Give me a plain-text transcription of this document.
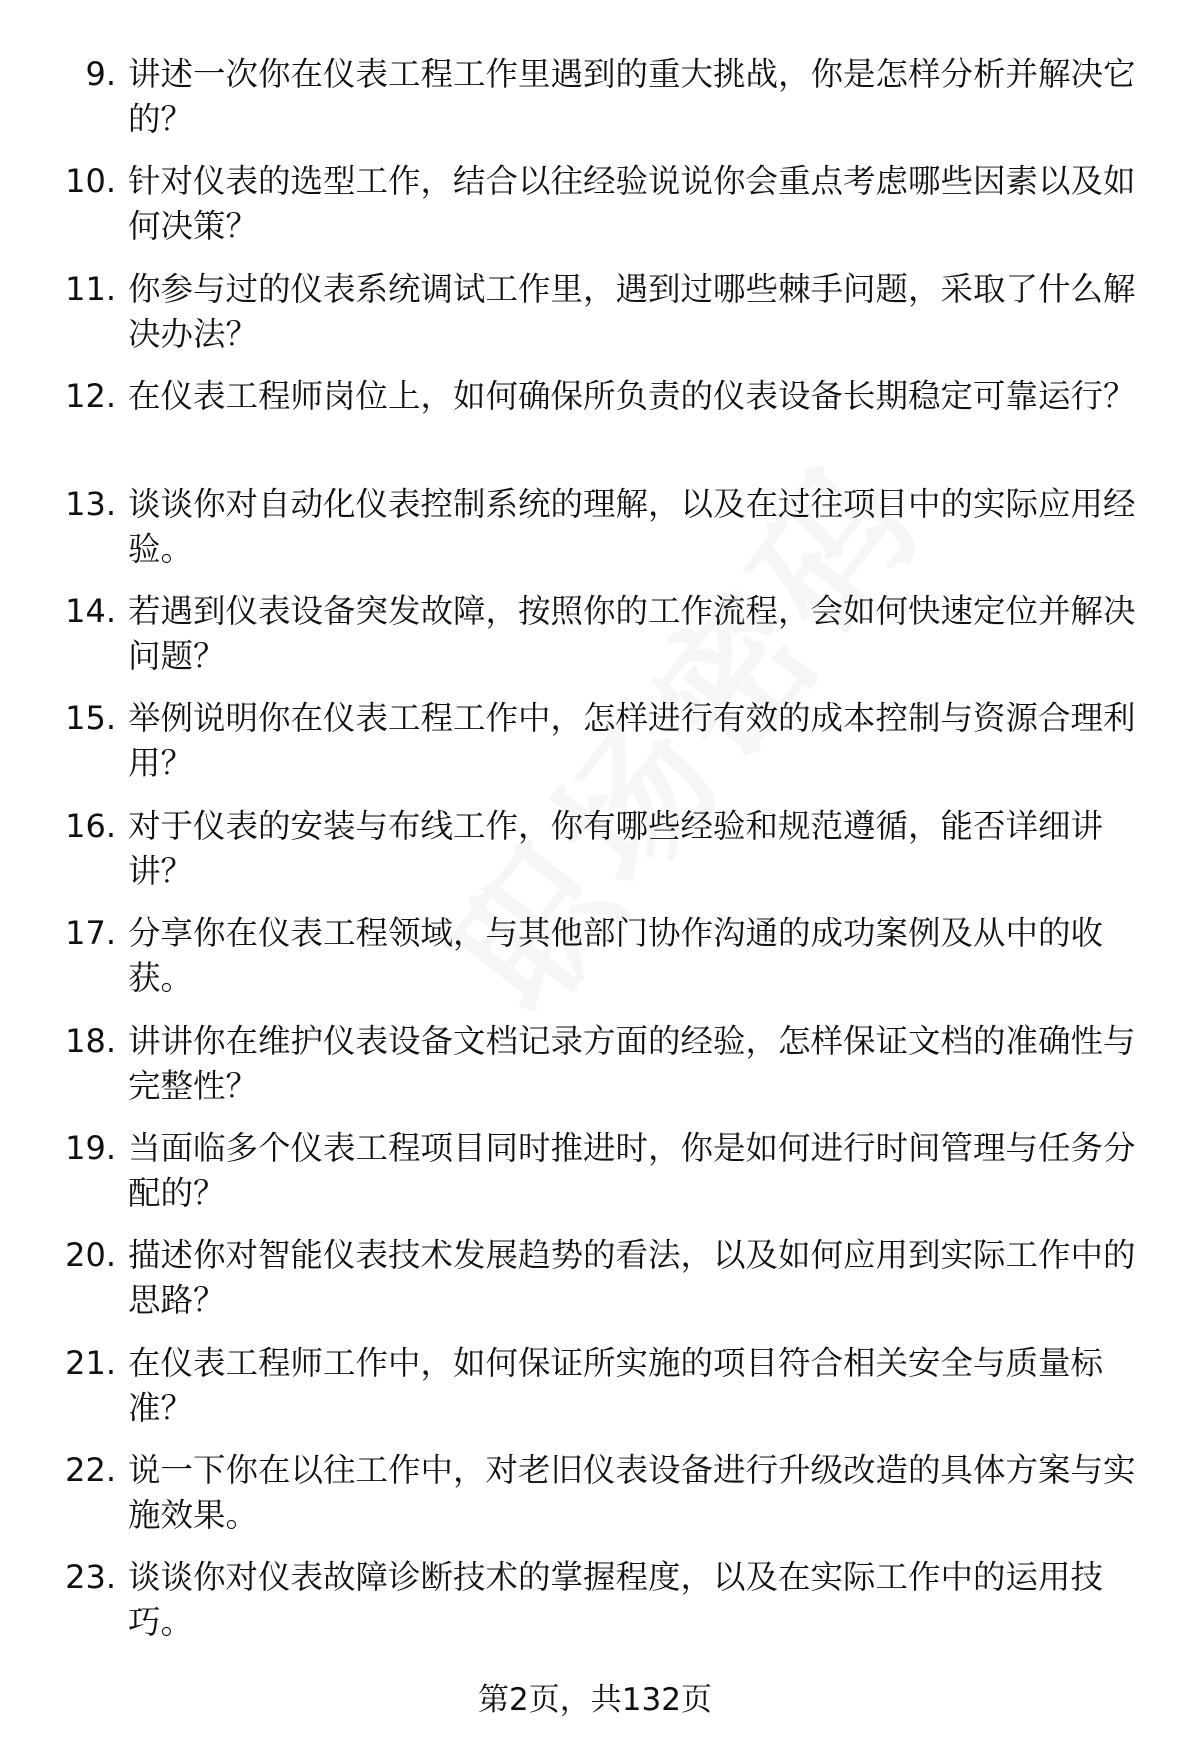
9. 讲述一次你在仪表工程工作里遇到的重大挑战，你是怎样分析并解决它的？
10. 针对仪表的选型工作，结合以往经验说说你会重点考虑哪些因素以及如何决策？
11. 你参与过的仪表系统调试工作里，遇到过哪些棘手问题，采取了什么解决办法？
12. 在仪表工程师岗位上，如何确保所负责的仪表设备长期稳定可靠运行？
13. 谈谈你对自动化仪表控制系统的理解，以及在过往项目中的实际应用经验。
14. 若遇到仪表设备突发故障，按照你的工作流程，会如何快速定位并解决问题？
15. 举例说明你在仪表工程工作中，怎样进行有效的成本控制与资源合理利用？
16. 对于仪表的安装与布线工作，你有哪些经验和规范遵循，能否详细讲讲？
17. 分享你在仪表工程领域，与其他部门协作沟通的成功案例及从中的收获。
18. 讲讲你在维护仪表设备文档记录方面的经验，怎样保证文档的准确性与完整性？
19. 当面临多个仪表工程项目同时推进时，你是如何进行时间管理与任务分配的？
20. 描述你对智能仪表技术发展趋势的看法，以及如何应用到实际工作中的思路？
21. 在仪表工程师工作中，如何保证所实施的项目符合相关安全与质量标准？
22. 说一下你在以往工作中，对老旧仪表设备进行升级改造的具体方案与实施效果。
23. 谈谈你对仪表故障诊断技术的掌握程度，以及在实际工作中的运用技巧。
第2页，共132页
